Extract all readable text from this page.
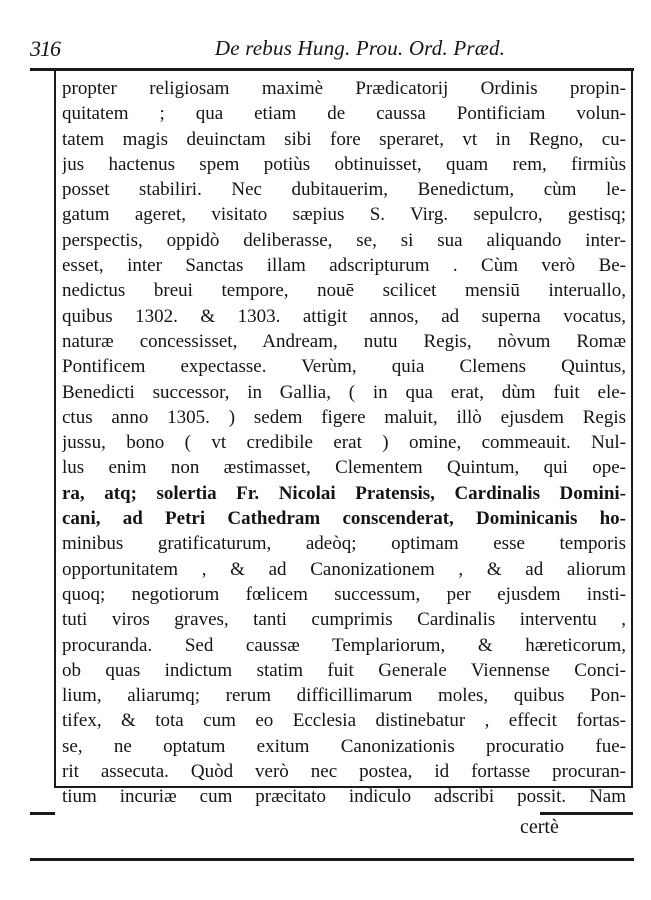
316	De rebus Hung. Prou. Ord. Præd.
propter religiosam maximè Prædicatorij Ordinis propin-
quitatem ; qua etiam de caussa Pontificiam volun-
tatem magis deuinctam sibi fore speraret, vt in Regno, cu-
jus hactenus spem potiùs obtinuisset, quam rem, firmiùs
posset stabiliri. Nec dubitauerim, Benedictum, cùm le-
gatum ageret, visitato sæpius S. Virg. sepulcro, gestisq;
perspectis, oppidò deliberasse, se, si sua aliquando inter-
esset, inter Sanctas illam adscripturum . Cùm verò Be-
nedictus breui tempore, nouē scilicet mensiū interuallo,
quibus 1302. & 1303. attigit annos, ad superna vocatus,
naturæ concessisset, Andream, nutu Regis, nòvum Romæ
Pontificem expectasse. Verùm, quia Clemens Quintus,
Benedicti successor, in Gallia, ( in qua erat, dùm fuit ele-
ctus anno 1305. ) sedem figere maluit, illò ejusdem Regis
jussu, bono ( vt credibile erat ) omine, commeauit. Nul-
lus enim non æstimasset, Clementem Quintum, qui ope-
ra, atq; solertia Fr. Nicolai Pratensis, Cardinalis Domini-
cani, ad Petri Cathedram conscenderat, Dominicanis ho-
minibus gratificaturum, adeòq; optimam esse temporis
opportunitatem , & ad Canonizationem , & ad aliorum
quoq; negotiorum fœlicem successum, per ejusdem insti-
tuti viros graves, tanti cumprimis Cardinalis interventu ,
procuranda. Sed caussæ Templariorum, & hæreticorum,
ob quas indictum statim fuit Generale Viennense Conci-
lium, aliarumq; rerum difficillimarum moles, quibus Pon-
tifex, & tota cum eo Ecclesia distinebatur , effecit fortas-
se, ne optatum exitum Canonizationis procuratio fue-
rit assecuta. Quòd verò nec postea, id fortasse procuran-
tium incuriæ cum præcitato indiculo adscribi possit. Nam
certè
